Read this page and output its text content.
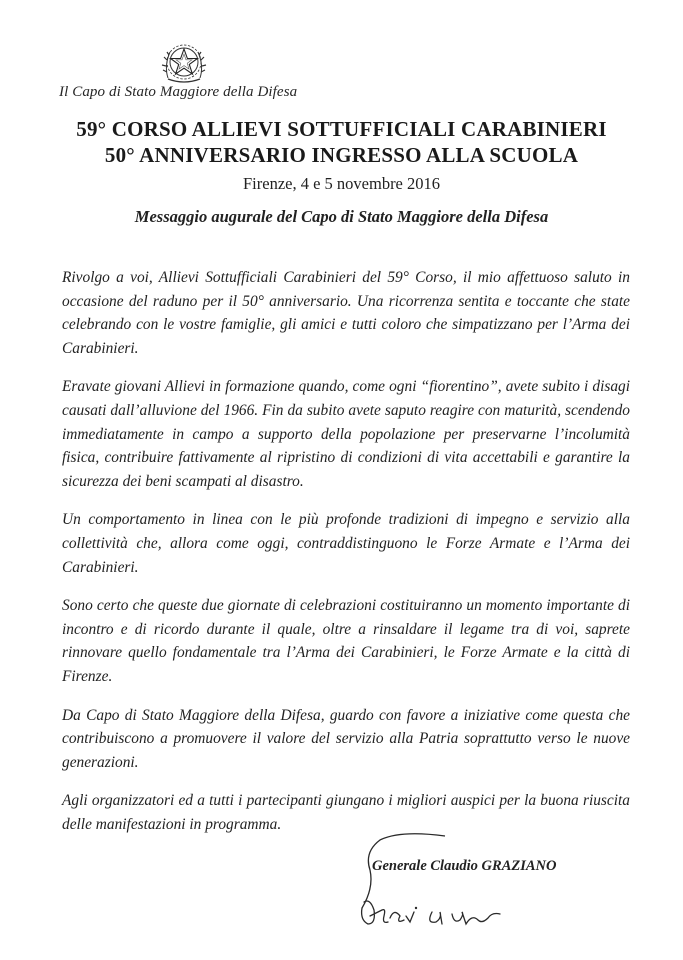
Il Capo di Stato Maggiore della Difesa
59° CORSO ALLIEVI SOTTUFFICIALI CARABINIERI
50° ANNIVERSARIO INGRESSO ALLA SCUOLA
Firenze, 4 e 5 novembre 2016
Messaggio augurale del Capo di Stato Maggiore della Difesa

Rivolgo a voi, Allievi Sottufficiali Carabinieri del 59° Corso, il mio affettuoso saluto in occasione del raduno per il 50° anniversario. Una ricorrenza sentita e toccante che state celebrando con le vostre famiglie, gli amici e tutti coloro che simpatizzano per l’Arma dei Carabinieri.

Eravate giovani Allievi in formazione quando, come ogni “fiorentino”, avete subito i disagi causati dall’alluvione del 1966. Fin da subito avete saputo reagire con maturità, scendendo immediatamente in campo a supporto della popolazione per preservarne l’incolumità fisica, contribuire fattivamente al ripristino di condizioni di vita accettabili e garantire la sicurezza dei beni scampati al disastro.

Un comportamento in linea con le più profonde tradizioni di impegno e servizio alla collettività che, allora come oggi, contraddistinguono le Forze Armate e l’Arma dei Carabinieri.

Sono certo che queste due giornate di celebrazioni costituiranno un momento importante di incontro e di ricordo durante il quale, oltre a rinsaldare il legame tra di voi, saprete rinnovare quello fondamentale tra l’Arma dei Carabinieri, le Forze Armate e la città di Firenze.

Da Capo di Stato Maggiore della Difesa, guardo con favore a iniziative come questa che contribuiscono a promuovere il valore del servizio alla Patria soprattutto verso le nuove generazioni.

Agli organizzatori ed a tutti i partecipanti giungano i migliori auspici per la buona riuscita delle manifestazioni in programma.

Generale Claudio GRAZIANO
